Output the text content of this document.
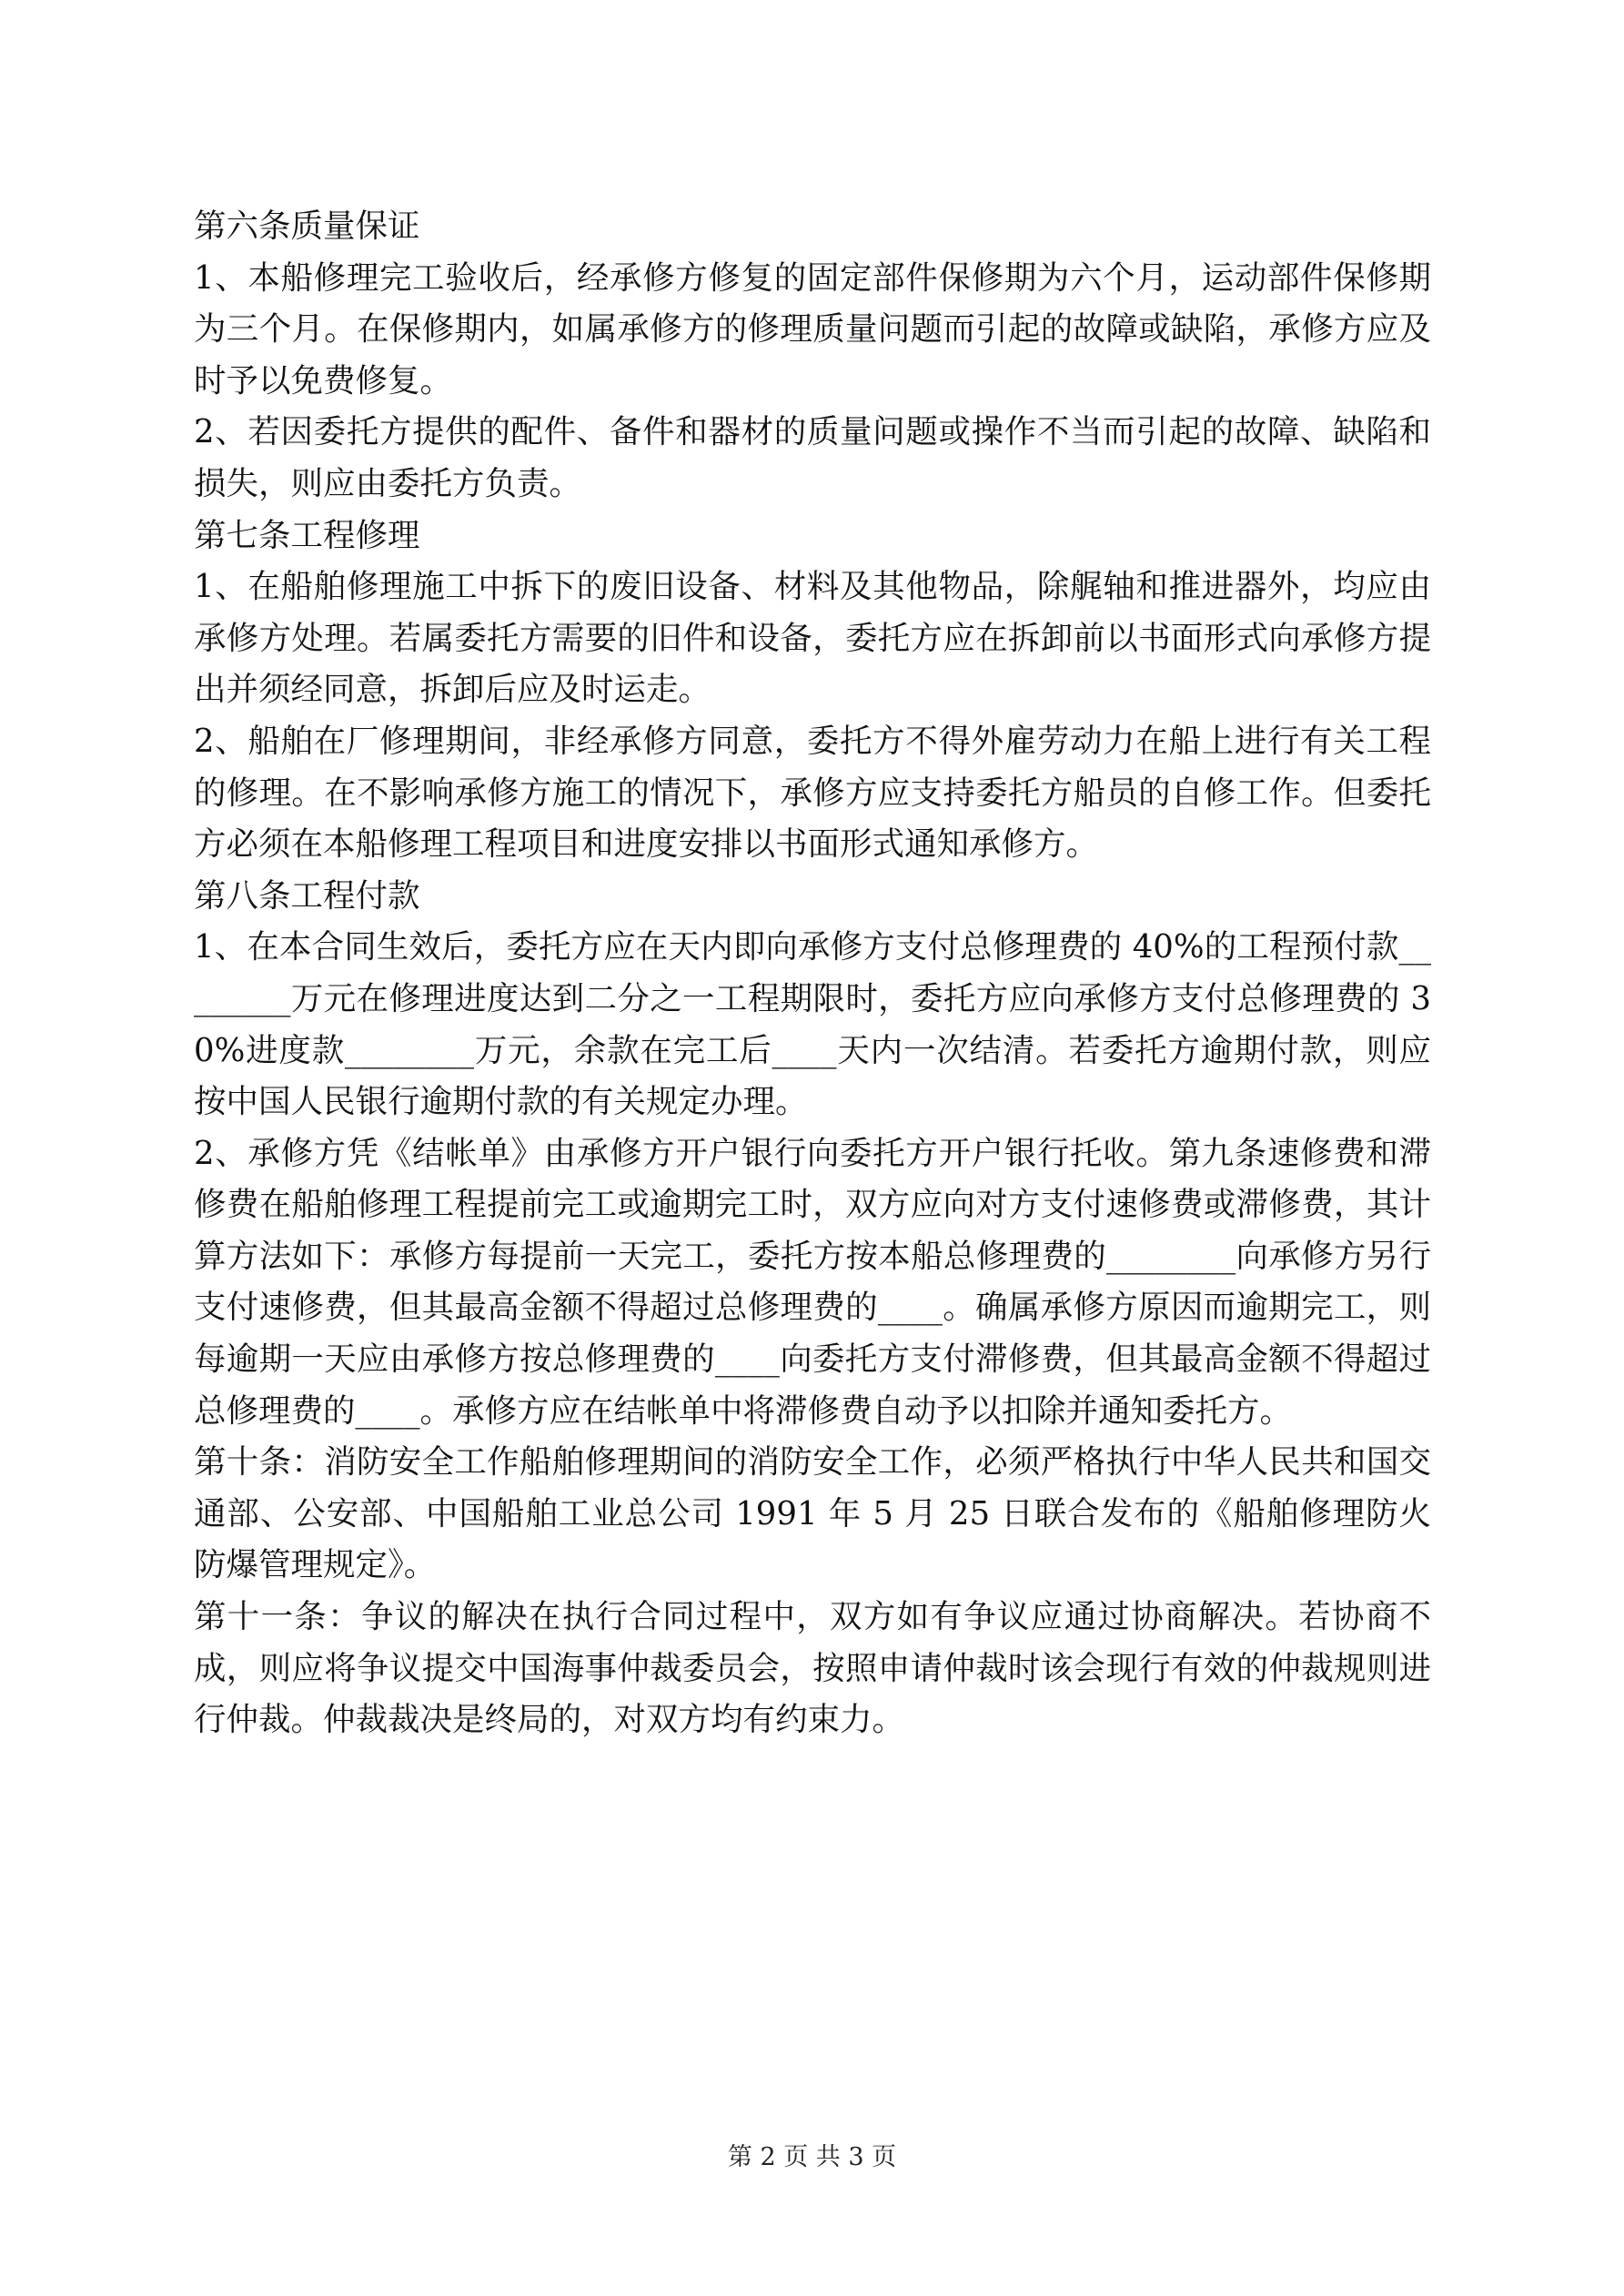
第六条质量保证

1、本船修理完工验收后，经承修方修复的固定部件保修期为六个月，运动部件保修期为三个月。在保修期内，如属承修方的修理质量问题而引起的故障或缺陷，承修方应及时予以免费修复。

2、若因委托方提供的配件、备件和器材的质量问题或操作不当而引起的故障、缺陷和损失，则应由委托方负责。

第七条工程修理

1、在船舶修理施工中拆下的废旧设备、材料及其他物品，除艉轴和推进器外，均应由承修方处理。若属委托方需要的旧件和设备，委托方应在拆卸前以书面形式向承修方提出并须经同意，拆卸后应及时运走。

2、船舶在厂修理期间，非经承修方同意，委托方不得外雇劳动力在船上进行有关工程的修理。在不影响承修方施工的情况下，承修方应支持委托方船员的自修工作。但委托方必须在本船修理工程项目和进度安排以书面形式通知承修方。

第八条工程付款

1、在本合同生效后，委托方应在天内即向承修方支付总修理费的 40%的工程预付款________万元在修理进度达到二分之一工程期限时，委托方应向承修方支付总修理费的 30%进度款________万元，余款在完工后____天内一次结清。若委托方逾期付款，则应按中国人民银行逾期付款的有关规定办理。

2、承修方凭《结帐单》由承修方开户银行向委托方开户银行托收。第九条速修费和滞修费在船舶修理工程提前完工或逾期完工时，双方应向对方支付速修费或滞修费，其计算方法如下：承修方每提前一天完工，委托方按本船总修理费的________向承修方另行支付速修费，但其最高金额不得超过总修理费的____。确属承修方原因而逾期完工，则每逾期一天应由承修方按总修理费的____向委托方支付滞修费，但其最高金额不得超过总修理费的____。承修方应在结帐单中将滞修费自动予以扣除并通知委托方。

第十条：消防安全工作船舶修理期间的消防安全工作，必须严格执行中华人民共和国交通部、公安部、中国船舶工业总公司 1991 年 5 月 25 日联合发布的《船舶修理防火防爆管理规定》。

第十一条：争议的解决在执行合同过程中，双方如有争议应通过协商解决。若协商不成，则应将争议提交中国海事仲裁委员会，按照申请仲裁时该会现行有效的仲裁规则进行仲裁。仲裁裁决是终局的，对双方均有约束力。

第 2 页 共 3 页
